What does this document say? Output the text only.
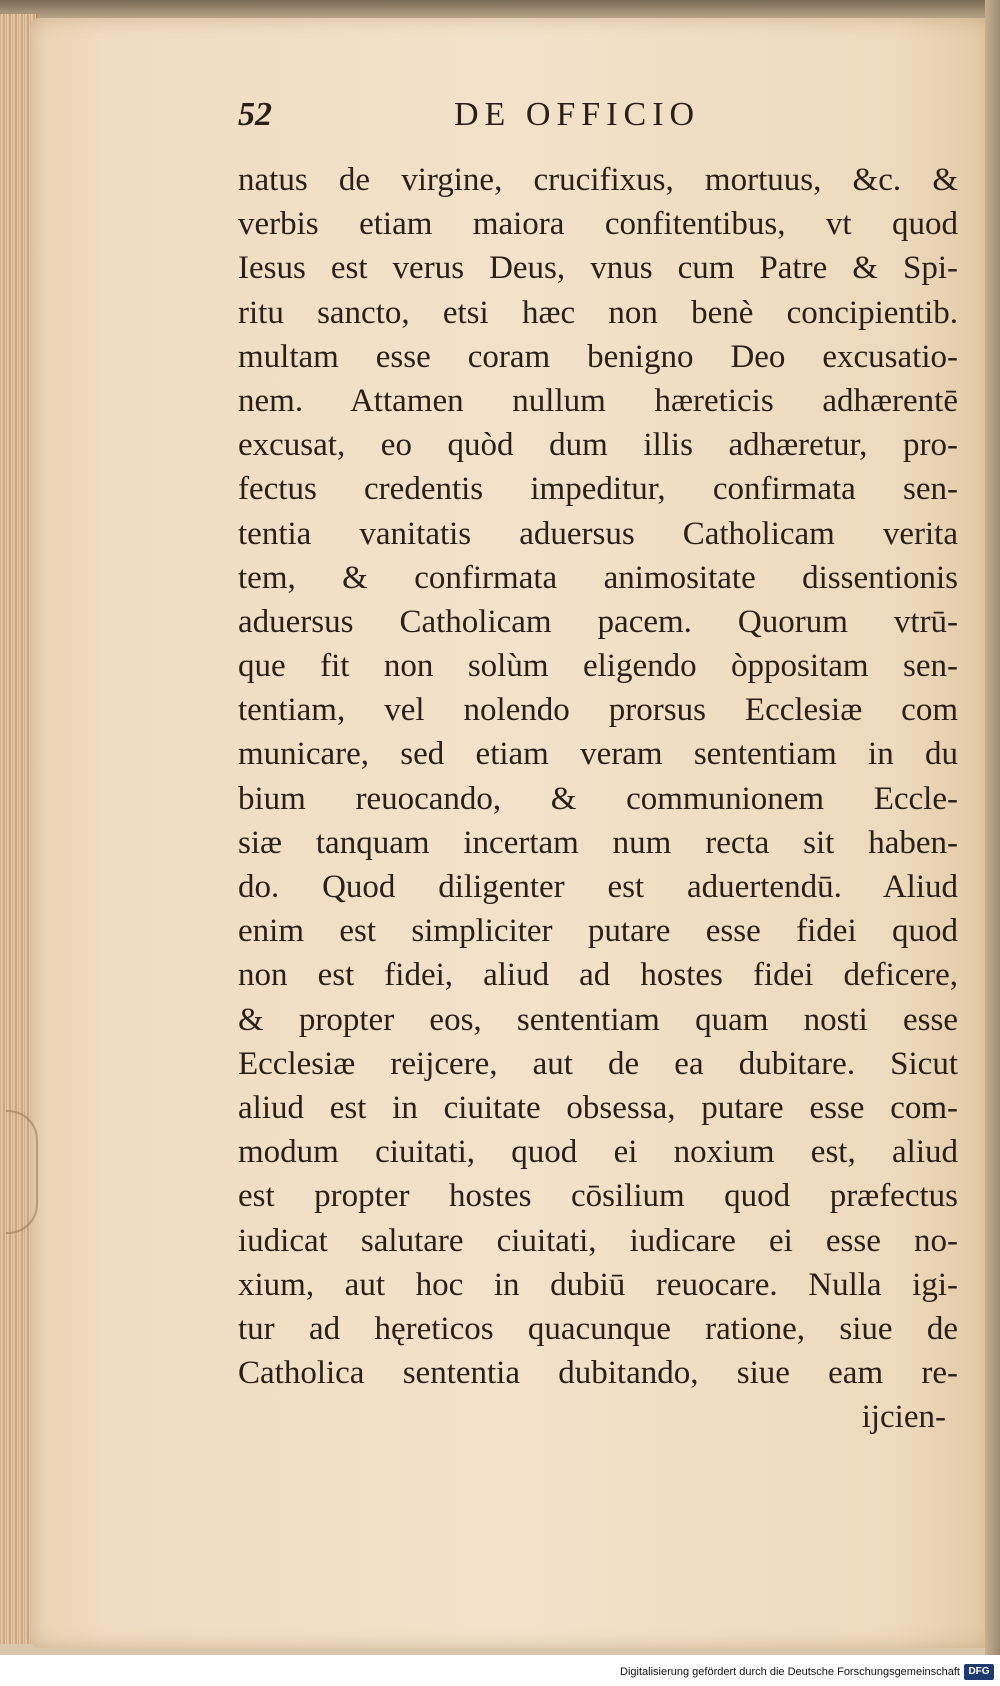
52	DE OFFICIO
natus de virgine, crucifixus, mortuus, &c. &
verbis etiam maiora confitentibus, vt quod
Iesus est verus Deus, vnus cum Patre & Spi-
ritu sancto, etsi hæc non benè concipientib.
multam esse coram benigno Deo excusatio-
nem. Attamen nullum hæreticis adhærentē
excusat, eo quòd dum illis adhæretur, pro-
fectus credentis impeditur, confirmata sen-
tentia vanitatis aduersus Catholicam verita
tem, & confirmata animositate dissentionis
aduersus Catholicam pacem. Quorum vtrū-
que fit non solùm eligendo òppositam sen-
tentiam, vel nolendo prorsus Ecclesiæ com
municare, sed etiam veram sententiam in du
bium reuocando, & communionem Eccle-
siæ tanquam incertam num recta sit haben-
do. Quod diligenter est aduertendū. Aliud
enim est simpliciter putare esse fidei quod
non est fidei, aliud ad hostes fidei deficere,
& propter eos, sententiam quam nosti esse
Ecclesiæ reijcere, aut de ea dubitare. Sicut
aliud est in ciuitate obsessa, putare esse com-
modum ciuitati, quod ei noxium est, aliud
est propter hostes cōsilium quod præfectus
iudicat salutare ciuitati, iudicare ei esse no-
xium, aut hoc in dubiū reuocare. Nulla igi-
tur ad hęreticos quacunque ratione, siue de
Catholica sententia dubitando, siue eam re-
ijcien-
Digitalisierung gefördert durch die Deutsche Forschungsgemeinschaft DFG
